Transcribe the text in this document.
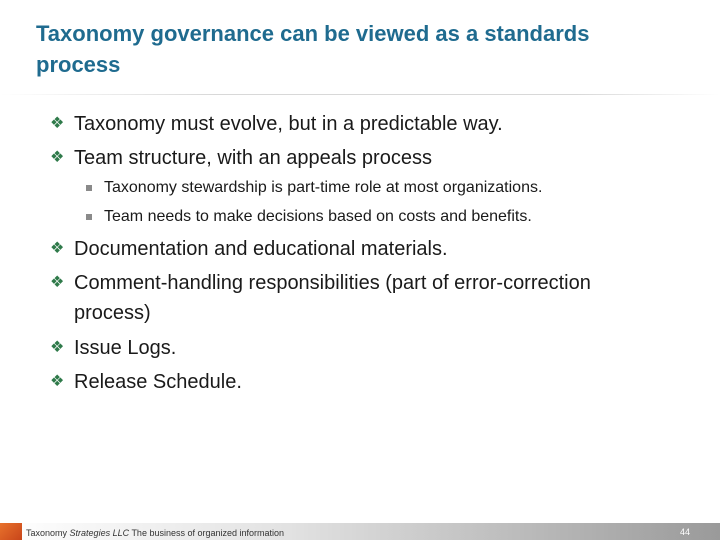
Taxonomy governance can be viewed as a standards process
❖ Taxonomy must evolve, but in a predictable way.
❖ Team structure, with an appeals process
Taxonomy stewardship is part-time role at most organizations.
Team needs to make decisions based on costs and benefits.
❖ Documentation and educational materials.
❖ Comment-handling responsibilities (part of error-correction process)
❖ Issue Logs.
❖ Release Schedule.
Taxonomy Strategies LLC The business of organized information	44
